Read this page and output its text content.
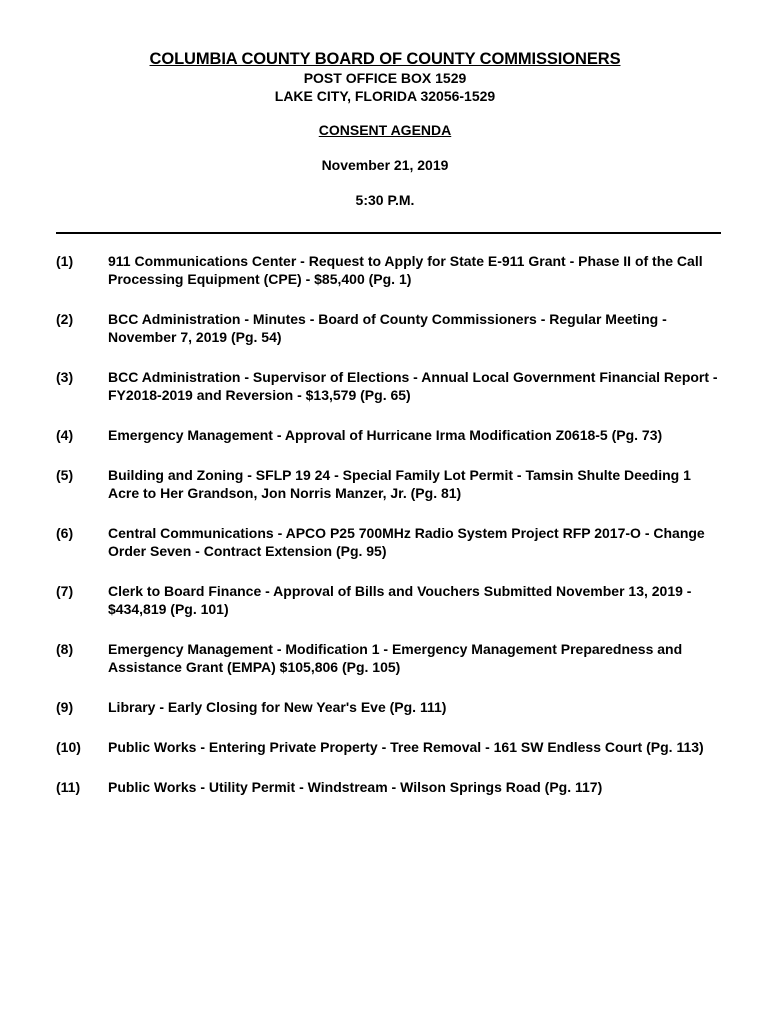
COLUMBIA COUNTY BOARD OF COUNTY COMMISSIONERS
POST OFFICE BOX 1529
LAKE CITY, FLORIDA 32056-1529
CONSENT AGENDA
November 21, 2019
5:30 P.M.
(1)	911 Communications Center - Request to Apply for State E-911 Grant - Phase II of the Call Processing Equipment (CPE) - $85,400 (Pg. 1)
(2)	BCC Administration - Minutes - Board of County Commissioners - Regular Meeting - November 7, 2019 (Pg. 54)
(3)	BCC Administration - Supervisor of Elections - Annual Local Government Financial Report - FY2018-2019 and Reversion - $13,579 (Pg. 65)
(4)	Emergency Management - Approval of Hurricane Irma Modification Z0618-5 (Pg. 73)
(5)	Building and Zoning - SFLP 19 24 - Special Family Lot Permit - Tamsin Shulte Deeding 1 Acre to Her Grandson, Jon Norris Manzer, Jr. (Pg. 81)
(6)	Central Communications - APCO P25 700MHz Radio System Project RFP 2017-O - Change Order Seven - Contract Extension (Pg. 95)
(7)	Clerk to Board Finance - Approval of Bills and Vouchers Submitted November 13, 2019 - $434,819 (Pg. 101)
(8)	Emergency Management - Modification 1 - Emergency Management Preparedness and Assistance Grant (EMPA) $105,806 (Pg. 105)
(9)	Library - Early Closing for New Year's Eve (Pg. 111)
(10)	Public Works - Entering Private Property - Tree Removal - 161 SW Endless Court (Pg. 113)
(11)	Public Works - Utility Permit - Windstream - Wilson Springs Road (Pg. 117)
